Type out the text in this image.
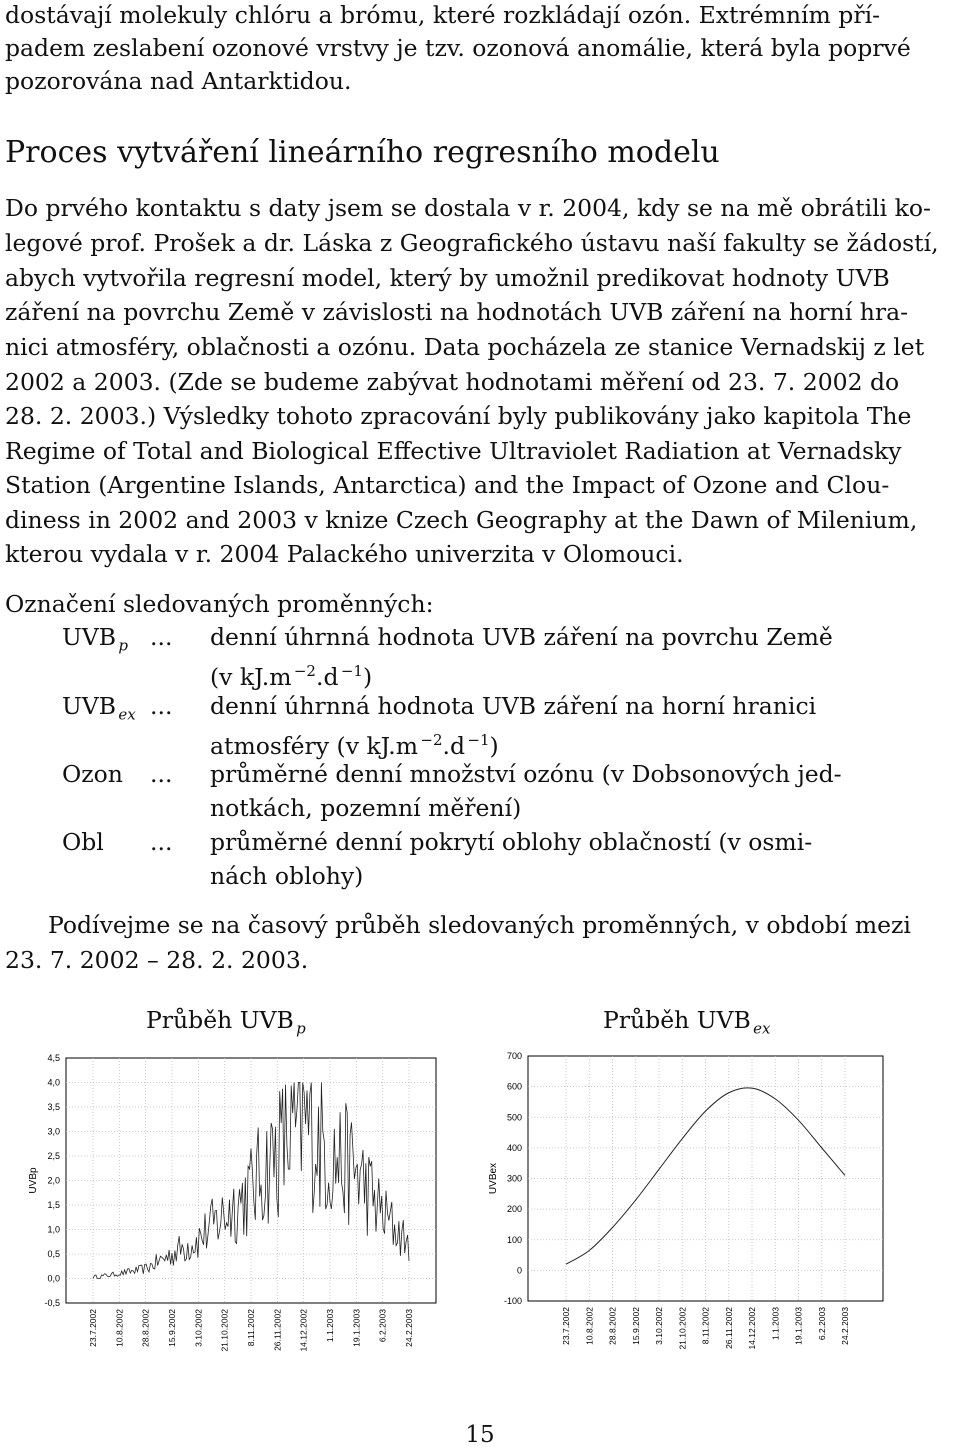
dostávají molekuly chlóru a brómu, které rozkládají ozón. Extrémním pří-

padem zeslabení ozonové vrstvy je tzv. ozonová anomálie, která byla poprvé

pozorována nad Antarktidou.

Proces vytváření lineárního regresního modelu

Do prvého kontaktu s daty jsem se dostala v r. 2004, kdy se na mě obrátili ko-

legové prof. Prošek a dr. Láska z Geografického ústavu naší fakulty se žádostí,

abych vytvořila regresní model, který by umožnil predikovat hodnoty UVB

záření na povrchu Země v závislosti na hodnotách UVB záření na horní hra-

nici atmosféry, oblačnosti a ozónu. Data pocházela ze stanice Vernadskij z let

2002 a 2003. (Zde se budeme zabývat hodnotami měření od 23. 7. 2002 do

28. 2. 2003.) Výsledky tohoto zpracování byly publikovány jako kapitola The

Regime of Total and Biological Effective Ultraviolet Radiation at Vernadsky

Station (Argentine Islands, Antarctica) and the Impact of Ozone and Clou-

diness in 2002 and 2003 v knize Czech Geography at the Dawn of Milenium,

kterou vydala v r. 2004 Palackého univerzita v Olomouci.

Označení sledovaných proměnných:

UVB  $_p$ ... denní úhrnná hodnota UVB záření na povrchu Země
(v kJ.m  $^{-2}$.d  $^{-1}$)
UVB  $_{ex}$ ... denní úhrnná hodnota UVB záření na horní hranici
atmosféry (v kJ.m  $^{-2}$.d  $^{-1}$)
Ozon ... průměrné denní množství ozónu (v Dobsonových jed-
notkách, pozemní měření)
Obl ... průměrné denní pokrytí oblohy oblačností (v osmi-
nách oblohy)

Podívejme se na časový průběh sledovaných proměnných, v období mezi

23. 7. 2002 – 28. 2. 2003.

Průběh UVB  $_p$	Průběh UVB  $_{ex}$
4,5
4,0
3,5
3,0
2,5
2,0
1,5
1,0
0,5
0,0
-0,5
23.7.2002 10.8.2002 28.8.2002 15.9.2002 3.10.2002 21.10.2002 8.11.2002 26.11.2002 14.12.2002 1.1.2003 19.1.2003 6.2.2003 24.2.2003
UVBp
700
600
500
400
300
200
100
0
-100
23.7.2002 10.8.2002 28.8.2002 15.9.2002 3.10.2002 21.10.2002 8.11.2002 26.11.2002 14.12.2002 1.1.2003 19.1.2003 6.2.2003 24.2.2003
UVBex
15
